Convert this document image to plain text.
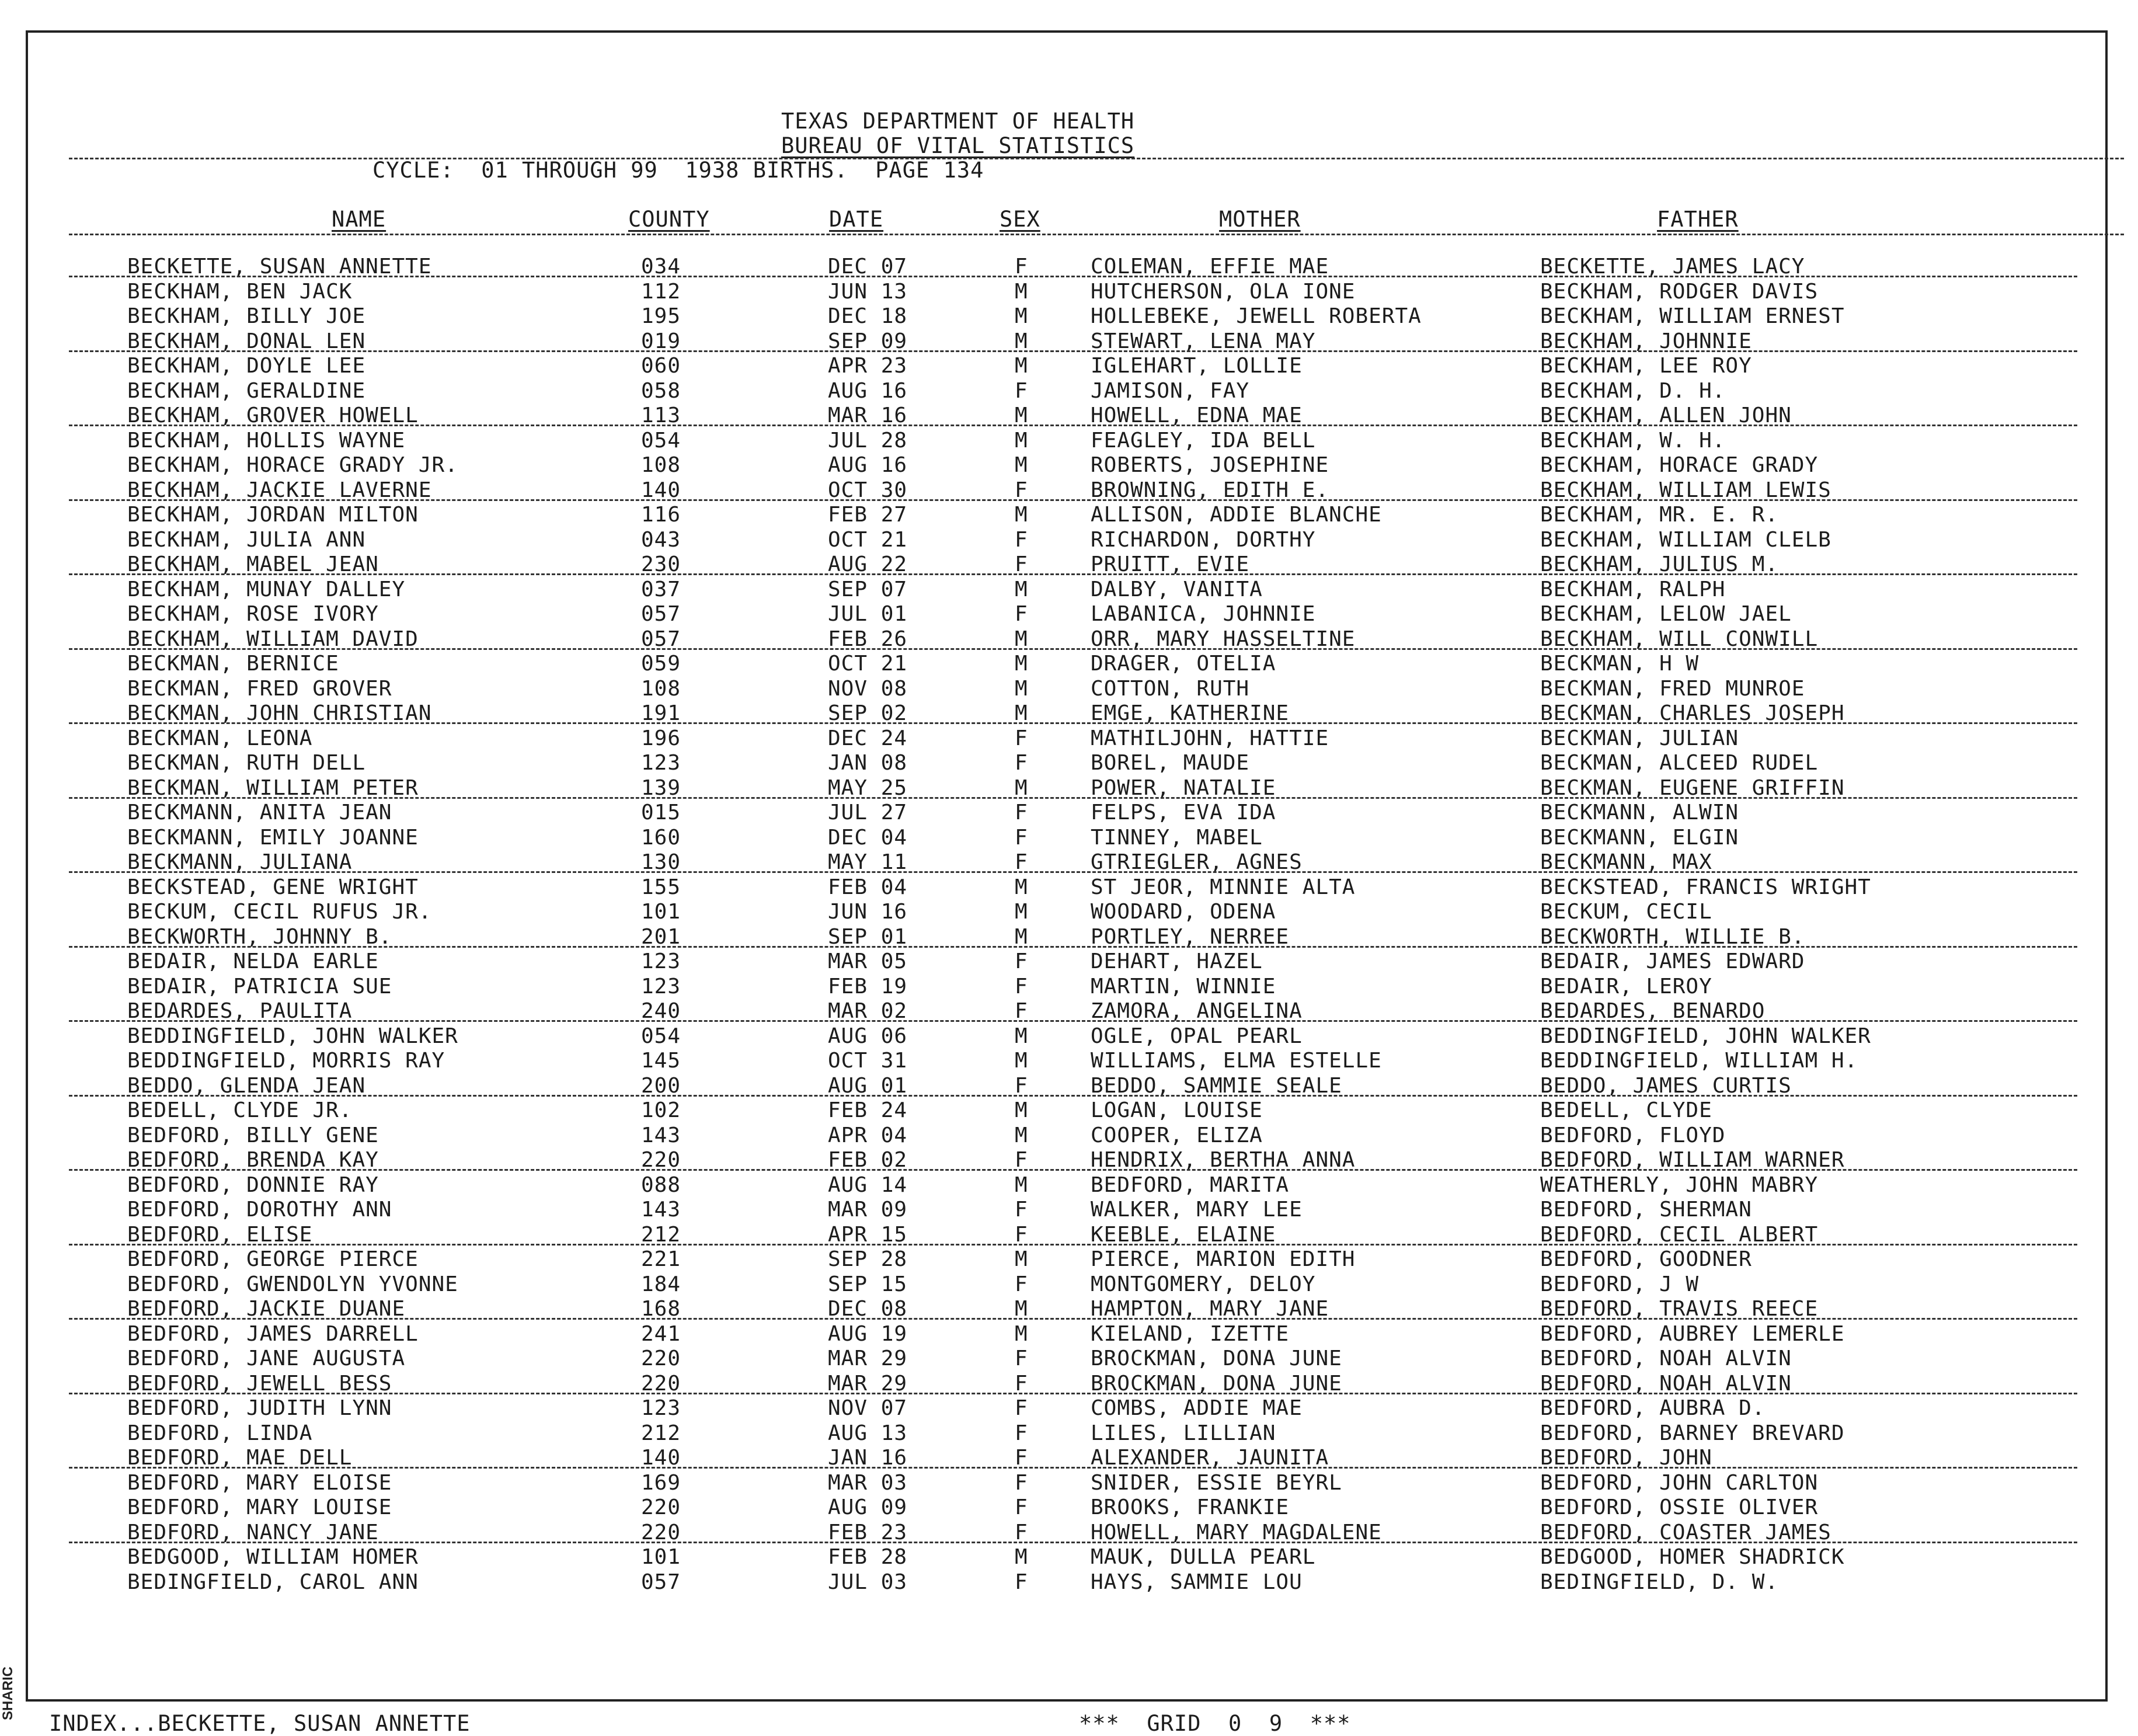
TEXAS DEPARTMENT OF HEALTH
BUREAU OF VITAL STATISTICS
CYCLE:  01 THROUGH 99  1938 BIRTHS.  PAGE 134
NAME	COUNTY	DATE	SEX	MOTHER	FATHER
BECKETTE, SUSAN ANNETTE	034	DEC 07	F	COLEMAN, EFFIE MAE	BECKETTE, JAMES LACY
BECKHAM, BEN JACK	112	JUN 13	M	HUTCHERSON, OLA IONE	BECKHAM, RODGER DAVIS
BECKHAM, BILLY JOE	195	DEC 18	M	HOLLEBEKE, JEWELL ROBERTA	BECKHAM, WILLIAM ERNEST
BECKHAM, DONAL LEN	019	SEP 09	M	STEWART, LENA MAY	BECKHAM, JOHNNIE
BECKHAM, DOYLE LEE	060	APR 23	M	IGLEHART, LOLLIE	BECKHAM, LEE ROY
BECKHAM, GERALDINE	058	AUG 16	F	JAMISON, FAY	BECKHAM, D. H.
BECKHAM, GROVER HOWELL	113	MAR 16	M	HOWELL, EDNA MAE	BECKHAM, ALLEN JOHN
BECKHAM, HOLLIS WAYNE	054	JUL 28	M	FEAGLEY, IDA BELL	BECKHAM, W. H.
BECKHAM, HORACE GRADY JR.	108	AUG 16	M	ROBERTS, JOSEPHINE	BECKHAM, HORACE GRADY
BECKHAM, JACKIE LAVERNE	140	OCT 30	F	BROWNING, EDITH E.	BECKHAM, WILLIAM LEWIS
BECKHAM, JORDAN MILTON	116	FEB 27	M	ALLISON, ADDIE BLANCHE	BECKHAM, MR. E. R.
BECKHAM, JULIA ANN	043	OCT 21	F	RICHARDON, DORTHY	BECKHAM, WILLIAM CLELB
BECKHAM, MABEL JEAN	230	AUG 22	F	PRUITT, EVIE	BECKHAM, JULIUS M.
BECKHAM, MUNAY DALLEY	037	SEP 07	M	DALBY, VANITA	BECKHAM, RALPH
BECKHAM, ROSE IVORY	057	JUL 01	F	LABANICA, JOHNNIE	BECKHAM, LELOW JAEL
BECKHAM, WILLIAM DAVID	057	FEB 26	M	ORR, MARY HASSELTINE	BECKHAM, WILL CONWILL
BECKMAN, BERNICE	059	OCT 21	M	DRAGER, OTELIA	BECKMAN, H W
BECKMAN, FRED GROVER	108	NOV 08	M	COTTON, RUTH	BECKMAN, FRED MUNROE
BECKMAN, JOHN CHRISTIAN	191	SEP 02	M	EMGE, KATHERINE	BECKMAN, CHARLES JOSEPH
BECKMAN, LEONA	196	DEC 24	F	MATHILJOHN, HATTIE	BECKMAN, JULIAN
BECKMAN, RUTH DELL	123	JAN 08	F	BOREL, MAUDE	BECKMAN, ALCEED RUDEL
BECKMAN, WILLIAM PETER	139	MAY 25	M	POWER, NATALIE	BECKMAN, EUGENE GRIFFIN
BECKMANN, ANITA JEAN	015	JUL 27	F	FELPS, EVA IDA	BECKMANN, ALWIN
BECKMANN, EMILY JOANNE	160	DEC 04	F	TINNEY, MABEL	BECKMANN, ELGIN
BECKMANN, JULIANA	130	MAY 11	F	GTRIEGLER, AGNES	BECKMANN, MAX
BECKSTEAD, GENE WRIGHT	155	FEB 04	M	ST JEOR, MINNIE ALTA	BECKSTEAD, FRANCIS WRIGHT
BECKUM, CECIL RUFUS JR.	101	JUN 16	M	WOODARD, ODENA	BECKUM, CECIL
BECKWORTH, JOHNNY B.	201	SEP 01	M	PORTLEY, NERREE	BECKWORTH, WILLIE B.
BEDAIR, NELDA EARLE	123	MAR 05	F	DEHART, HAZEL	BEDAIR, JAMES EDWARD
BEDAIR, PATRICIA SUE	123	FEB 19	F	MARTIN, WINNIE	BEDAIR, LEROY
BEDARDES, PAULITA	240	MAR 02	F	ZAMORA, ANGELINA	BEDARDES, BENARDO
BEDDINGFIELD, JOHN WALKER	054	AUG 06	M	OGLE, OPAL PEARL	BEDDINGFIELD, JOHN WALKER
BEDDINGFIELD, MORRIS RAY	145	OCT 31	M	WILLIAMS, ELMA ESTELLE	BEDDINGFIELD, WILLIAM H.
BEDDO, GLENDA JEAN	200	AUG 01	F	BEDDO, SAMMIE SEALE	BEDDO, JAMES CURTIS
BEDELL, CLYDE JR.	102	FEB 24	M	LOGAN, LOUISE	BEDELL, CLYDE
BEDFORD, BILLY GENE	143	APR 04	M	COOPER, ELIZA	BEDFORD, FLOYD
BEDFORD, BRENDA KAY	220	FEB 02	F	HENDRIX, BERTHA ANNA	BEDFORD, WILLIAM WARNER
BEDFORD, DONNIE RAY	088	AUG 14	M	BEDFORD, MARITA	WEATHERLY, JOHN MABRY
BEDFORD, DOROTHY ANN	143	MAR 09	F	WALKER, MARY LEE	BEDFORD, SHERMAN
BEDFORD, ELISE	212	APR 15	F	KEEBLE, ELAINE	BEDFORD, CECIL ALBERT
BEDFORD, GEORGE PIERCE	221	SEP 28	M	PIERCE, MARION EDITH	BEDFORD, GOODNER
BEDFORD, GWENDOLYN YVONNE	184	SEP 15	F	MONTGOMERY, DELOY	BEDFORD, J W
BEDFORD, JACKIE DUANE	168	DEC 08	M	HAMPTON, MARY JANE	BEDFORD, TRAVIS REECE
BEDFORD, JAMES DARRELL	241	AUG 19	M	KIELAND, IZETTE	BEDFORD, AUBREY LEMERLE
BEDFORD, JANE AUGUSTA	220	MAR 29	F	BROCKMAN, DONA JUNE	BEDFORD, NOAH ALVIN
BEDFORD, JEWELL BESS	220	MAR 29	F	BROCKMAN, DONA JUNE	BEDFORD, NOAH ALVIN
BEDFORD, JUDITH LYNN	123	NOV 07	F	COMBS, ADDIE MAE	BEDFORD, AUBRA D.
BEDFORD, LINDA	212	AUG 13	F	LILES, LILLIAN	BEDFORD, BARNEY BREVARD
BEDFORD, MAE DELL	140	JAN 16	F	ALEXANDER, JAUNITA	BEDFORD, JOHN
BEDFORD, MARY ELOISE	169	MAR 03	F	SNIDER, ESSIE BEYRL	BEDFORD, JOHN CARLTON
BEDFORD, MARY LOUISE	220	AUG 09	F	BROOKS, FRANKIE	BEDFORD, OSSIE OLIVER
BEDFORD, NANCY JANE	220	FEB 23	F	HOWELL, MARY MAGDALENE	BEDFORD, COASTER JAMES
BEDGOOD, WILLIAM HOMER	101	FEB 28	M	MAUK, DULLA PEARL	BEDGOOD, HOMER SHADRICK
BEDINGFIELD, CAROL ANN	057	JUL 03	F	HAYS, SAMMIE LOU	BEDINGFIELD, D. W.
INDEX...BECKETTE, SUSAN ANNETTE	***  GRID  0  9  ***
SHARIC
